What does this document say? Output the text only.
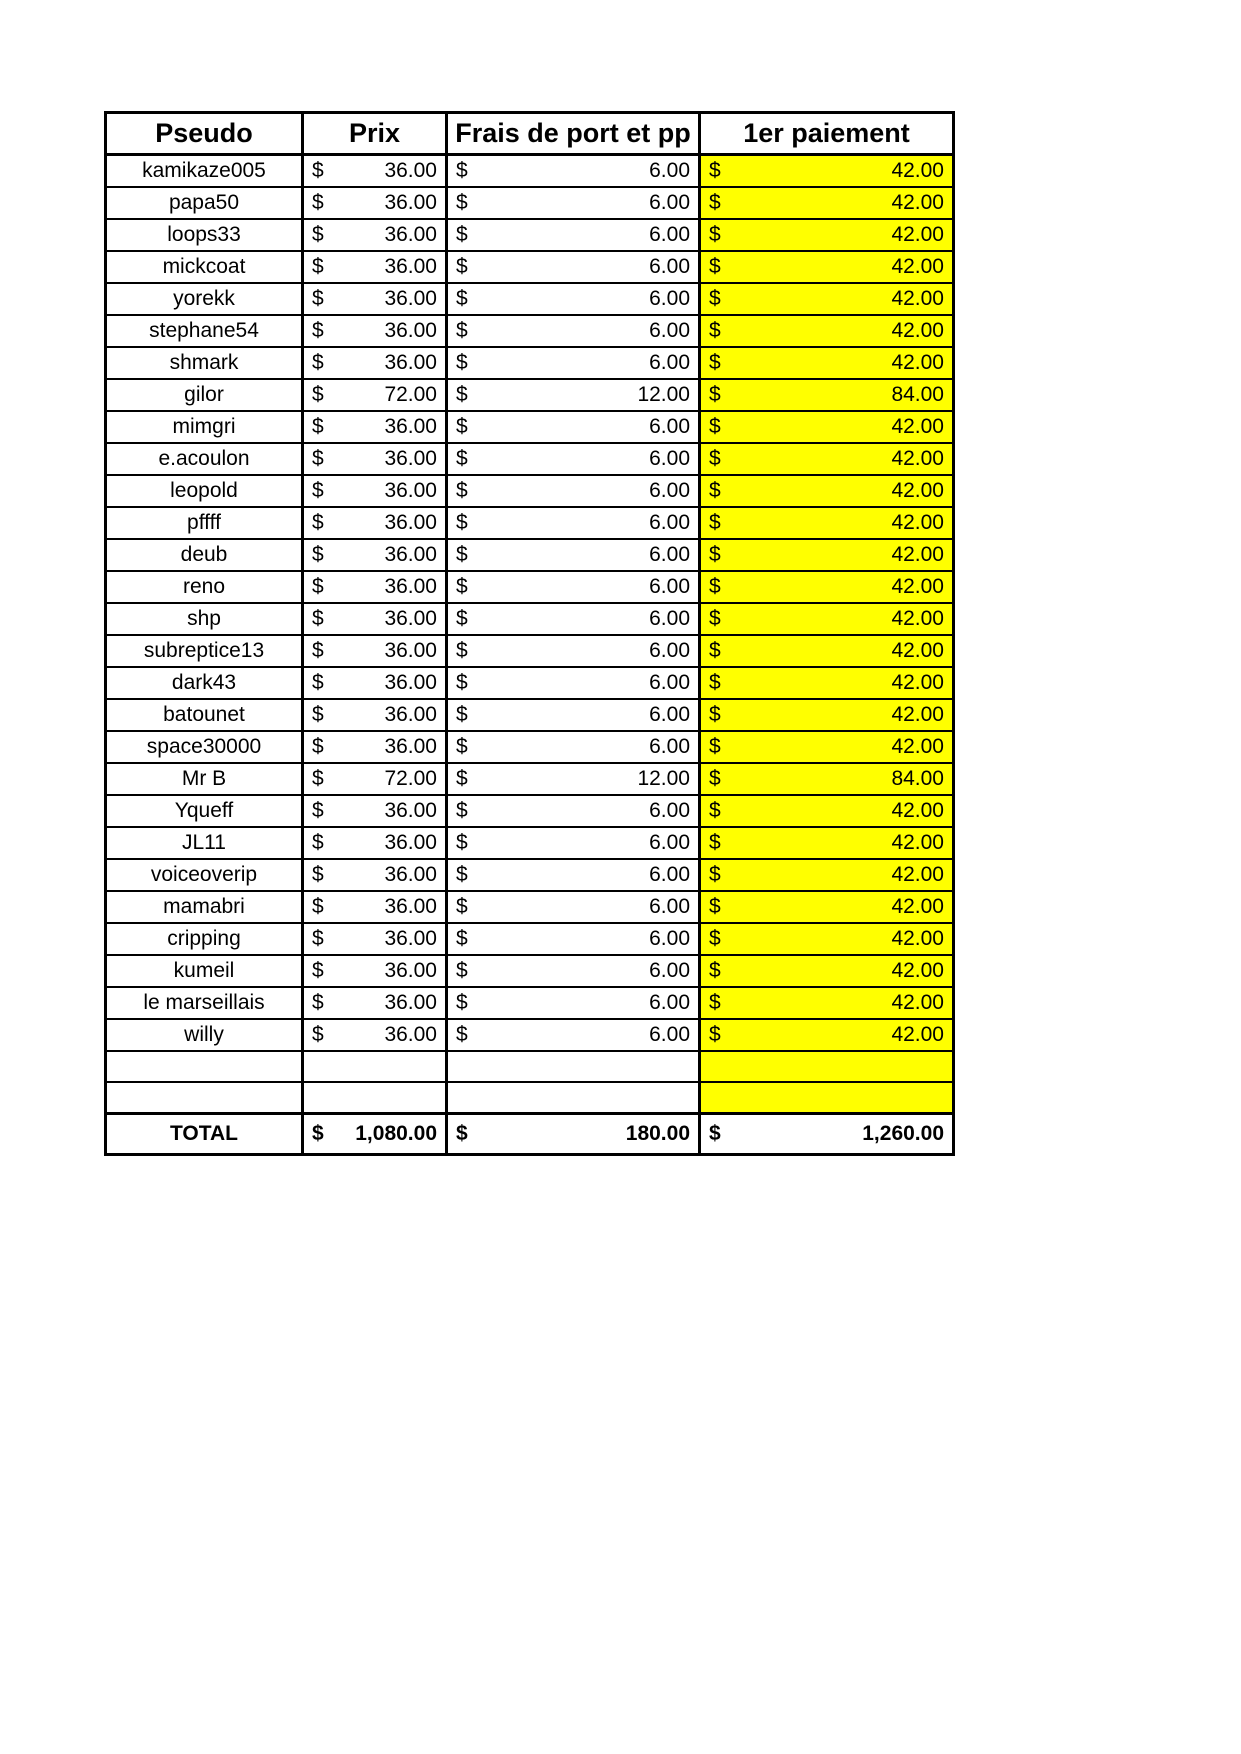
Pseudo	Prix	Frais de port et pp	1er paiement
kamikaze005	$ 36.00	$ 6.00	$ 42.00

papa50	$ 36.00	$ 6.00	$ 42.00

loops33	$ 36.00	$ 6.00	$ 42.00

mickcoat	$ 36.00	$ 6.00	$ 42.00

yorekk	$ 36.00	$ 6.00	$ 42.00

stephane54	$ 36.00	$ 6.00	$ 42.00

shmark	$ 36.00	$ 6.00	$ 42.00

gilor	$ 72.00	$ 12.00	$ 84.00

mimgri	$ 36.00	$ 6.00	$ 42.00

e.acoulon	$ 36.00	$ 6.00	$ 42.00

leopold	$ 36.00	$ 6.00	$ 42.00

pffff	$ 36.00	$ 6.00	$ 42.00

deub	$ 36.00	$ 6.00	$ 42.00

reno	$ 36.00	$ 6.00	$ 42.00

shp	$ 36.00	$ 6.00	$ 42.00

subreptice13	$ 36.00	$ 6.00	$ 42.00

dark43	$ 36.00	$ 6.00	$ 42.00

batounet	$ 36.00	$ 6.00	$ 42.00

space30000	$ 36.00	$ 6.00	$ 42.00

Mr B	$ 72.00	$ 12.00	$ 84.00

Yqueff	$ 36.00	$ 6.00	$ 42.00

JL11	$ 36.00	$ 6.00	$ 42.00

voiceoverip	$ 36.00	$ 6.00	$ 42.00

mamabri	$ 36.00	$ 6.00	$ 42.00

cripping	$ 36.00	$ 6.00	$ 42.00

kumeil	$ 36.00	$ 6.00	$ 42.00

le marseillais	$ 36.00	$ 6.00	$ 42.00

willy	$ 36.00	$ 6.00	$ 42.00

TOTAL	$ 1,080.00	$ 180.00	$ 1,260.00
